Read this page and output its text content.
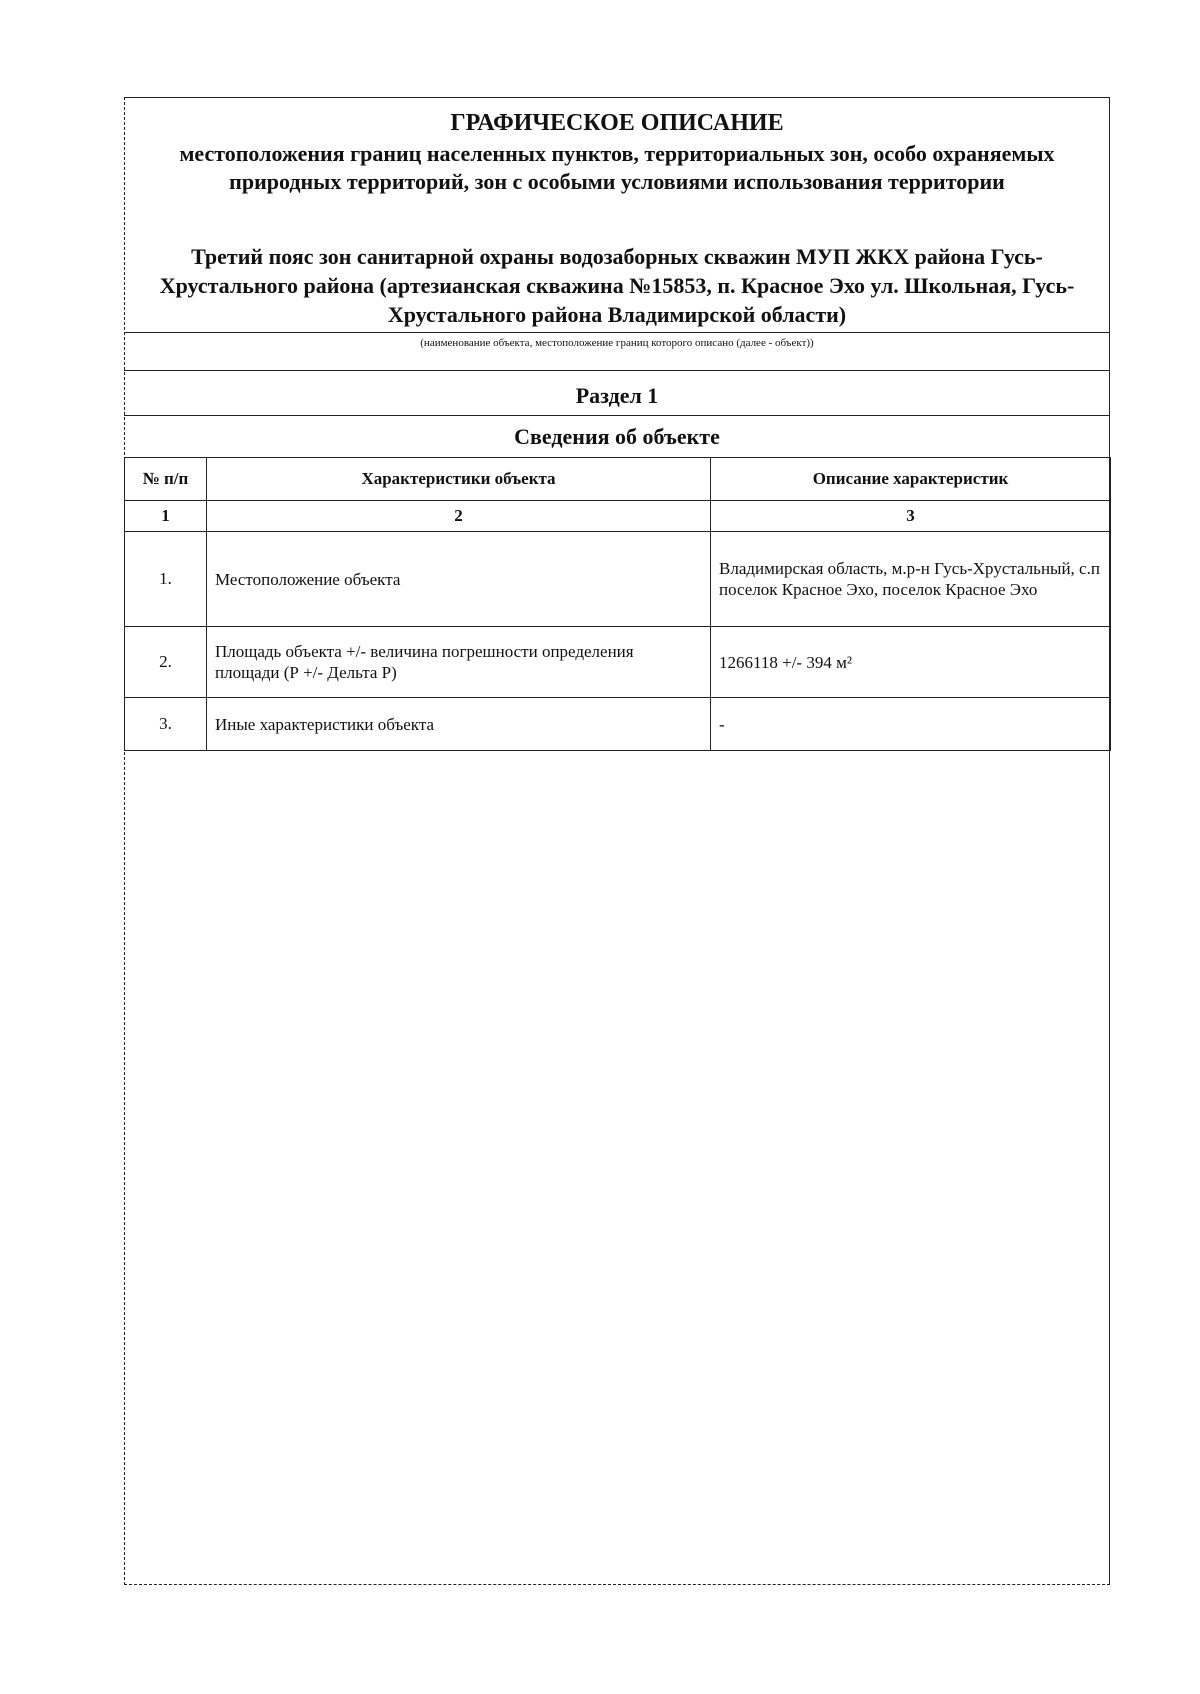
ГРАФИЧЕСКОЕ ОПИСАНИЕ
местоположения границ населенных пунктов, территориальных зон, особо охраняемых природных территорий, зон с особыми условиями использования территории
Третий пояс зон санитарной охраны водозаборных скважин МУП ЖКХ района Гусь-Хрустального района (артезианская скважина №15853, п. Красное Эхо ул. Школьная, Гусь-Хрустального района Владимирской области)
(наименование объекта, местоположение границ которого описано (далее - объект))
Раздел 1
Сведения об объекте
№ п/п	Характеристики объекта	Описание характеристик
1	2	3
1.	Местоположение объекта	Владимирская область, м.р-н Гусь-Хрустальный, с.п поселок Красное Эхо, поселок Красное Эхо
2.	Площадь объекта +/- величина погрешности определения площади (Р +/- Дельта Р)	1266118 +/- 394 м²
3.	Иные характеристики объекта	-
